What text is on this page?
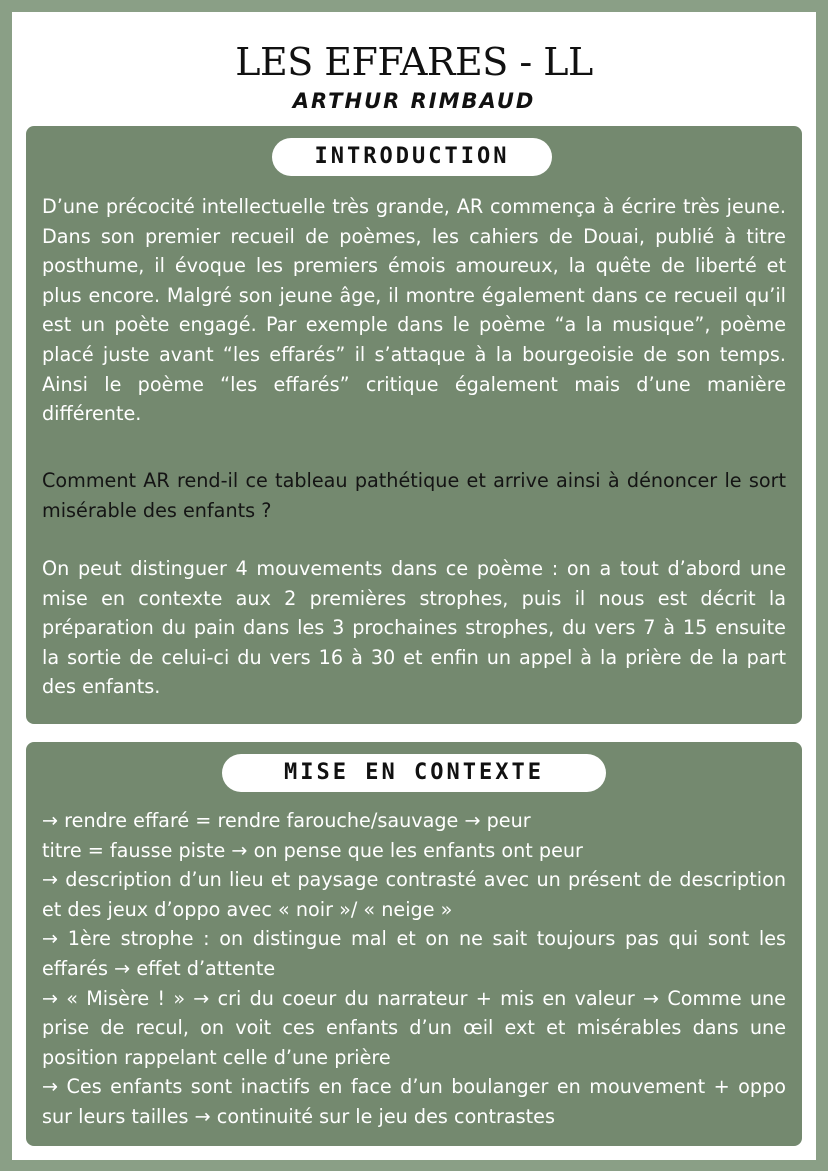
LES EFFARES - LL
ARTHUR RIMBAUD
INTRODUCTION

D’une précocité intellectuelle très grande, AR commença à écrire très jeune. Dans son premier recueil de poèmes, les cahiers de Douai, publié à titre posthume, il évoque les premiers émois amoureux, la quête de liberté et plus encore. Malgré son jeune âge, il montre également dans ce recueil qu’il est un poète engagé. Par exemple dans le poème “a la musique”, poème placé juste avant “les effarés” il s’attaque à la bourgeoisie de son temps. Ainsi le poème “les effarés” critique également mais d’une manière différente.

Comment AR rend-il ce tableau pathétique et arrive ainsi à dénoncer le sort misérable des enfants ?

On peut distinguer 4 mouvements dans ce poème : on a tout d’abord une mise en contexte aux 2 premières strophes, puis il nous est décrit la préparation du pain dans les 3 prochaines strophes, du vers 7 à 15 ensuite la sortie de celui-ci du vers 16 à 30 et enfin un appel à la prière de la part des enfants.

MISE EN CONTEXTE
→ rendre effaré = rendre farouche/sauvage → peur
titre = fausse piste → on pense que les enfants ont peur
→ description d’un lieu et paysage contrasté avec un présent de description et des jeux d’oppo avec « noir »/ « neige »
→ 1ère strophe : on distingue mal et on ne sait toujours pas qui sont les effarés → effet d’attente
→ « Misère ! » → cri du coeur du narrateur + mis en valeur → Comme une prise de recul, on voit ces enfants d’un œil ext et misérables dans une position rappelant celle d’une prière
→ Ces enfants sont inactifs en face d’un boulanger en mouvement + oppo sur leurs tailles → continuité sur le jeu des contrastes
